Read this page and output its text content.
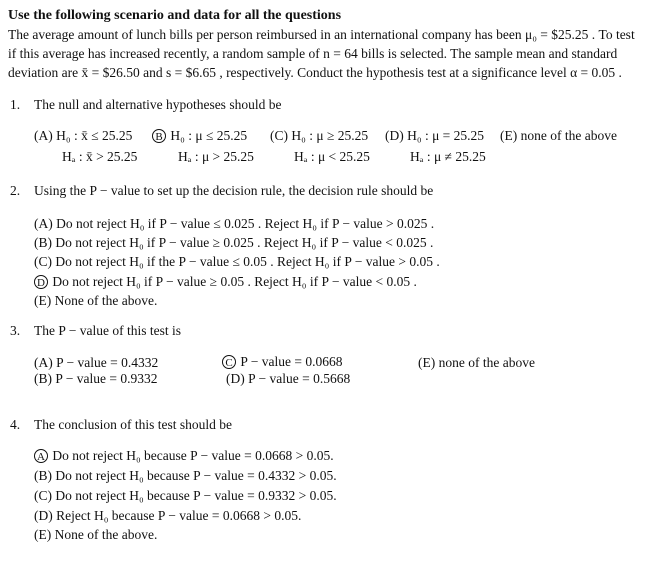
Use the following scenario and data for all the questions
The average amount of lunch bills per person reimbursed in an international company has been μ₀ = $25.25 . To test
if this average has increased recently, a random sample of n = 64 bills is selected. The sample mean and standard
deviation are x̄ = $26.50 and s = $6.65 , respectively. Conduct the hypothesis test at a significance level α = 0.05 .
1. The null and alternative hypotheses should be
(A) H₀ : x̄ ≤ 25.25	B H₀ : μ ≤ 25.25 (C) H₀ : μ ≥ 25.25 (D) H₀ : μ = 25.25 (E) none of the above
Hₐ : x̄ > 25.25	Hₐ : μ > 25.25	Hₐ : μ < 25.25	Hₐ : μ ≠ 25.25
2. Using the P − value to set up the decision rule, the decision rule should be
(A) Do not reject H₀ if P − value ≤ 0.025 . Reject H₀ if P − value > 0.025 .
(B) Do not reject H₀ if P − value ≥ 0.025 . Reject H₀ if P − value < 0.025 .
(C) Do not reject H₀ if the P − value ≤ 0.05 . Reject H₀ if P − value > 0.05 .
D Do not reject H₀ if P − value ≥ 0.05 . Reject H₀ if P − value < 0.05 .
(E) None of the above.
3. The P − value of this test is
(A) P − value = 0.4332
(B) P − value = 0.9332
C P − value = 0.0668
(D) P − value = 0.5668
(E) none of the above
4. The conclusion of this test should be
A Do not reject H₀ because P − value = 0.0668 > 0.05.
(B) Do not reject H₀ because P − value = 0.4332 > 0.05.
(C) Do not reject H₀ because P − value = 0.9332 > 0.05.
(D) Reject H₀ because P − value = 0.0668 > 0.05.
(E) None of the above.
